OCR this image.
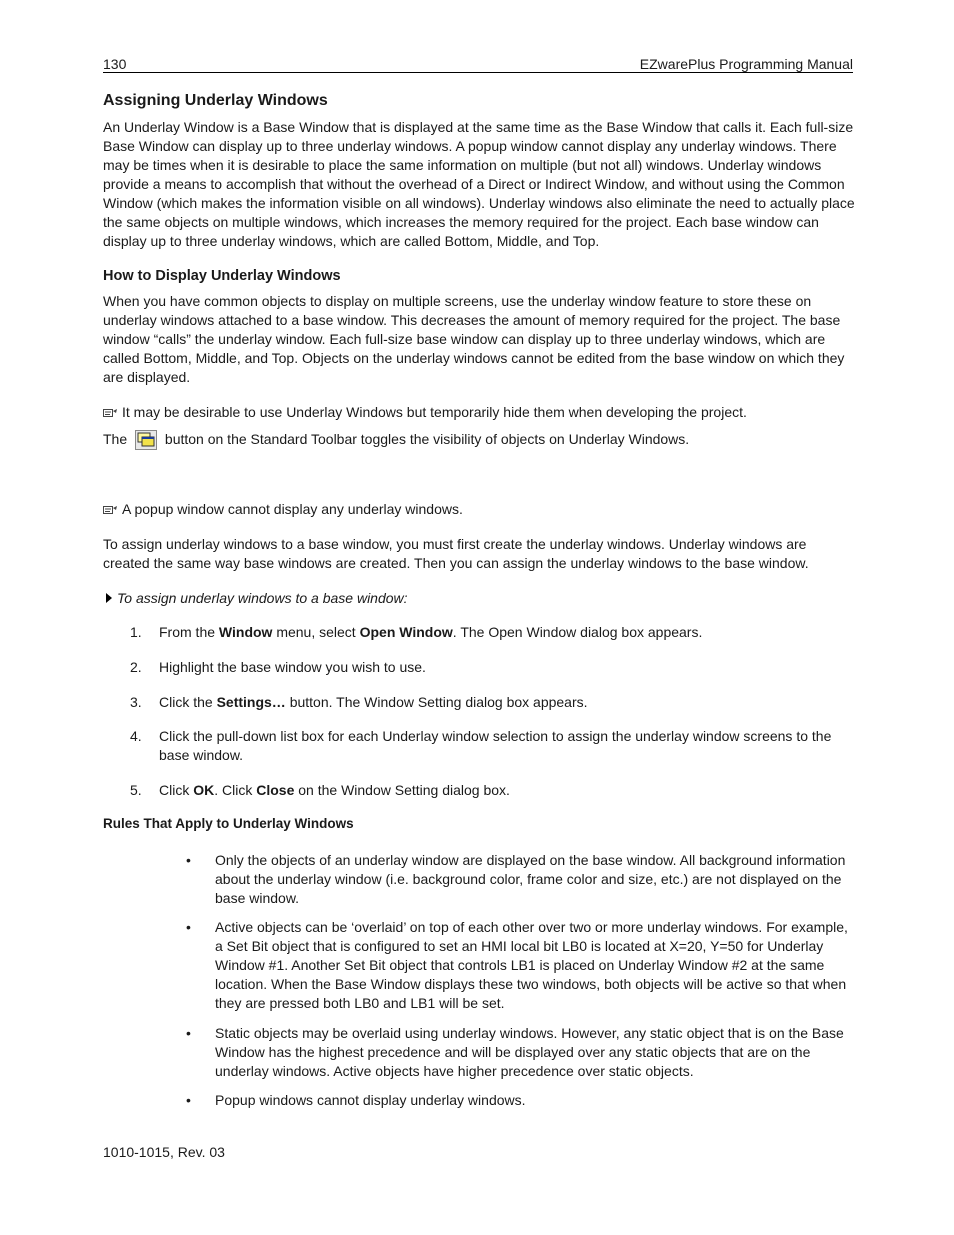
130	EZwarePlus Programming Manual
Assigning Underlay Windows
An Underlay Window is a Base Window that is displayed at the same time as the Base Window that calls it. Each full-size Base Window can display up to three underlay windows. A popup window cannot display any underlay windows. There may be times when it is desirable to place the same information on multiple (but not all) windows. Underlay windows provide a means to accomplish that without the overhead of a Direct or Indirect Window, and without using the Common Window (which makes the information visible on all windows). Underlay windows also eliminate the need to actually place the same objects on multiple windows, which increases the memory required for the project. Each base window can display up to three underlay windows, which are called Bottom, Middle, and Top.
How to Display Underlay Windows
When you have common objects to display on multiple screens, use the underlay window feature to store these on underlay windows attached to a base window. This decreases the amount of memory required for the project. The base window “calls” the underlay window. Each full-size base window can display up to three underlay windows, which are called Bottom, Middle, and Top. Objects on the underlay windows cannot be edited from the base window on which they are displayed.
It may be desirable to use Underlay Windows but temporarily hide them when developing the project.
The	button on the Standard Toolbar toggles the visibility of objects on Underlay Windows.
A popup window cannot display any underlay windows.
To assign underlay windows to a base window, you must first create the underlay windows. Underlay windows are created the same way base windows are created. Then you can assign the underlay windows to the base window.
To assign underlay windows to a base window:
1. From the Window menu, select Open Window. The Open Window dialog box appears.
2. Highlight the base window you wish to use.
3. Click the Settings… button. The Window Setting dialog box appears.
4. Click the pull-down list box for each Underlay window selection to assign the underlay window screens to the base window.
5. Click OK. Click Close on the Window Setting dialog box.
Rules That Apply to Underlay Windows
• Only the objects of an underlay window are displayed on the base window. All background information about the underlay window (i.e. background color, frame color and size, etc.) are not displayed on the base window.
• Active objects can be ‘overlaid’ on top of each other over two or more underlay windows. For example, a Set Bit object that is configured to set an HMI local bit LB0 is located at X=20, Y=50 for Underlay Window #1. Another Set Bit object that controls LB1 is placed on Underlay Window #2 at the same location. When the Base Window displays these two windows, both objects will be active so that when they are pressed both LB0 and LB1 will be set.
• Static objects may be overlaid using underlay windows. However, any static object that is on the Base Window has the highest precedence and will be displayed over any static objects that are on the underlay windows. Active objects have higher precedence over static objects.
• Popup windows cannot display underlay windows.
1010-1015, Rev. 03
